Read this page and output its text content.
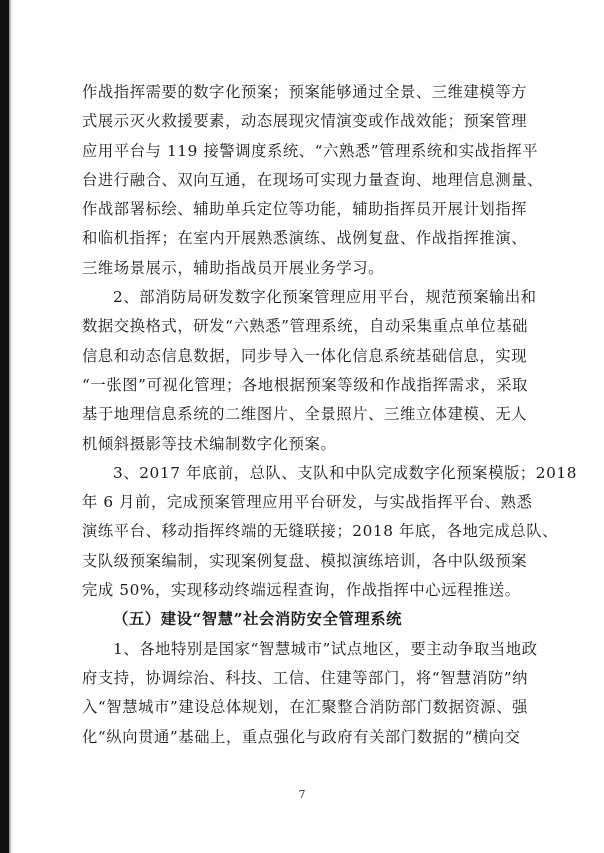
作战指挥需要的数字化预案；预案能够通过全景、三维建模等方
式展示灭火救援要素，动态展现灾情演变或作战效能；预案管理
应用平台与 119 接警调度系统、“六熟悉”管理系统和实战指挥平
台进行融合、双向互通，在现场可实现力量查询、地理信息测量、
作战部署标绘、辅助单兵定位等功能，辅助指挥员开展计划指挥
和临机指挥；在室内开展熟悉演练、战例复盘、作战指挥推演、
三维场景展示，辅助指战员开展业务学习。
2、部消防局研发数字化预案管理应用平台，规范预案输出和
数据交换格式，研发“六熟悉”管理系统，自动采集重点单位基础
信息和动态信息数据，同步导入一体化信息系统基础信息，实现
“一张图”可视化管理；各地根据预案等级和作战指挥需求，采取
基于地理信息系统的二维图片、全景照片、三维立体建模、无人
机倾斜摄影等技术编制数字化预案。
3、2017 年底前，总队、支队和中队完成数字化预案模版；2018
年 6 月前，完成预案管理应用平台研发，与实战指挥平台、熟悉
演练平台、移动指挥终端的无缝联接；2018 年底，各地完成总队、
支队级预案编制，实现案例复盘、模拟演练培训，各中队级预案
完成 50%，实现移动终端远程查询，作战指挥中心远程推送。
（五）建设“智慧”社会消防安全管理系统
1、各地特别是国家“智慧城市”试点地区，要主动争取当地政
府支持，协调综治、科技、工信、住建等部门，将“智慧消防”纳
入“智慧城市”建设总体规划，在汇聚整合消防部门数据资源、强
化“纵向贯通”基础上，重点强化与政府有关部门数据的“横向交
7
